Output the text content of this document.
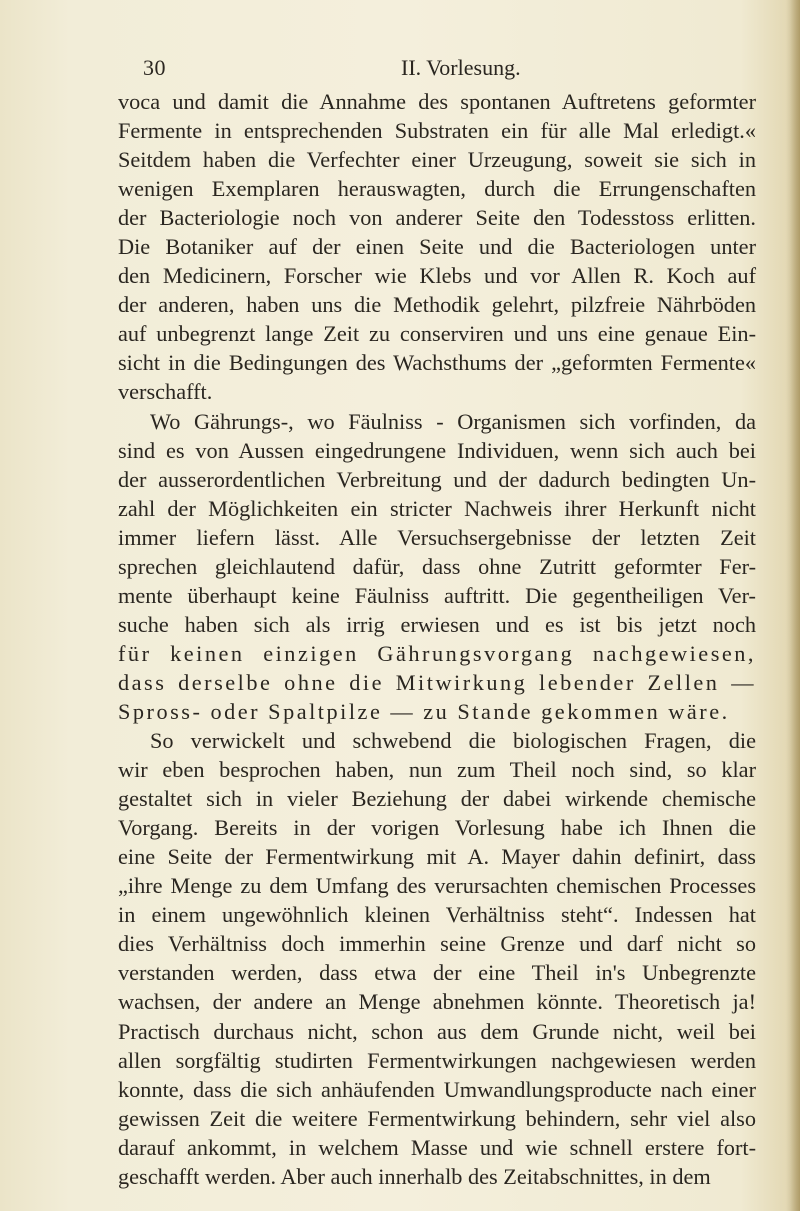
30	II. Vorlesung.

voca und damit die Annahme des spontanen Auftretens geformter
Fermente in entsprechenden Substraten ein für alle Mal erledigt.«
Seitdem haben die Verfechter einer Urzeugung, soweit sie sich in
wenigen Exemplaren herauswagten, durch die Errungenschaften
der Bacteriologie noch von anderer Seite den Todesstoss erlitten.
Die Botaniker auf der einen Seite und die Bacteriologen unter
den Medicinern, Forscher wie Klebs und vor Allen R. Koch auf
der anderen, haben uns die Methodik gelehrt, pilzfreie Nährböden
auf unbegrenzt lange Zeit zu conserviren und uns eine genaue Ein-
sicht in die Bedingungen des Wachsthums der „geformten Fermente«
verschafft.

Wo Gährungs-, wo Fäulniss - Organismen sich vorfinden, da
sind es von Aussen eingedrungene Individuen, wenn sich auch bei
der ausserordentlichen Verbreitung und der dadurch bedingten Un-
zahl der Möglichkeiten ein stricter Nachweis ihrer Herkunft nicht
immer liefern lässt. Alle Versuchsergebnisse der letzten Zeit
sprechen gleichlautend dafür, dass ohne Zutritt geformter Fer-
mente überhaupt keine Fäulniss auftritt. Die gegentheiligen Ver-
suche haben sich als irrig erwiesen und es ist bis jetzt noch
für keinen einzigen Gährungsvorgang nachgewiesen,
dass derselbe ohne die Mitwirkung lebender Zellen —
Spross- oder Spaltpilze — zu Stande gekommen wäre.

So verwickelt und schwebend die biologischen Fragen, die
wir eben besprochen haben, nun zum Theil noch sind, so klar
gestaltet sich in vieler Beziehung der dabei wirkende chemische
Vorgang. Bereits in der vorigen Vorlesung habe ich Ihnen die
eine Seite der Fermentwirkung mit A. Mayer dahin definirt, dass
„ihre Menge zu dem Umfang des verursachten chemischen Processes
in einem ungewöhnlich kleinen Verhältniss steht“. Indessen hat
dies Verhältniss doch immerhin seine Grenze und darf nicht so
verstanden werden, dass etwa der eine Theil in's Unbegrenzte
wachsen, der andere an Menge abnehmen könnte. Theoretisch ja!
Practisch durchaus nicht, schon aus dem Grunde nicht, weil bei
allen sorgfältig studirten Fermentwirkungen nachgewiesen werden
konnte, dass die sich anhäufenden Umwandlungsproducte nach einer
gewissen Zeit die weitere Fermentwirkung behindern, sehr viel also
darauf ankommt, in welchem Masse und wie schnell erstere fort-
geschafft werden. Aber auch innerhalb des Zeitabschnittes, in dem
